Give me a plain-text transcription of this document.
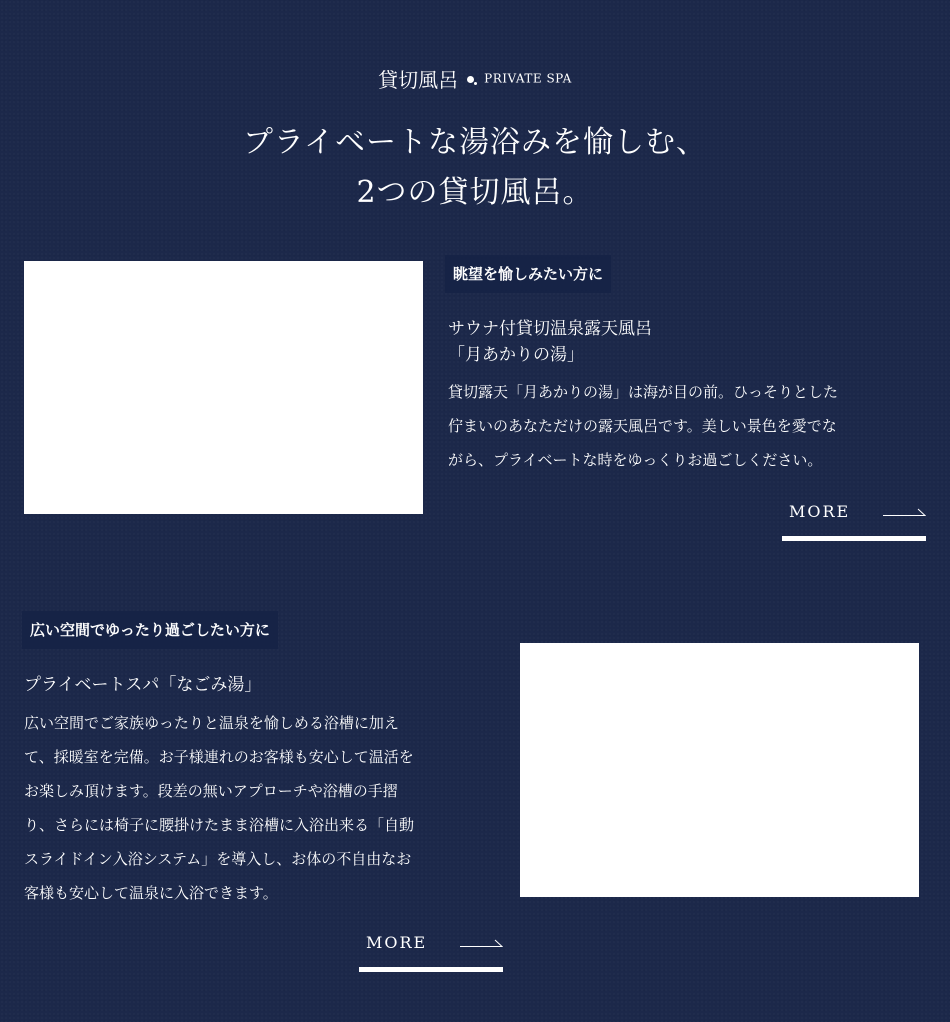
貸切風呂 PRIVATE SPA
プライベートな湯浴みを愉しむ、
2つの貸切風呂。
眺望を愉しみたい方に
サウナ付貸切温泉露天風呂
「月あかりの湯」
貸切露天「月あかりの湯」は海が目の前。ひっそりとした
佇まいのあなただけの露天風呂です。美しい景色を愛でな
がら、プライベートな時をゆっくりお過ごしください。
MORE
広い空間でゆったり過ごしたい方に
プライベートスパ「なごみ湯」
広い空間でご家族ゆったりと温泉を愉しめる浴槽に加え
て、採暖室を完備。お子様連れのお客様も安心して温活を
お楽しみ頂けます。段差の無いアプローチや浴槽の手摺
り、さらには椅子に腰掛けたまま浴槽に入浴出来る「自動
スライドイン入浴システム」を導入し、お体の不自由なお
客様も安心して温泉に入浴できます。
MORE
